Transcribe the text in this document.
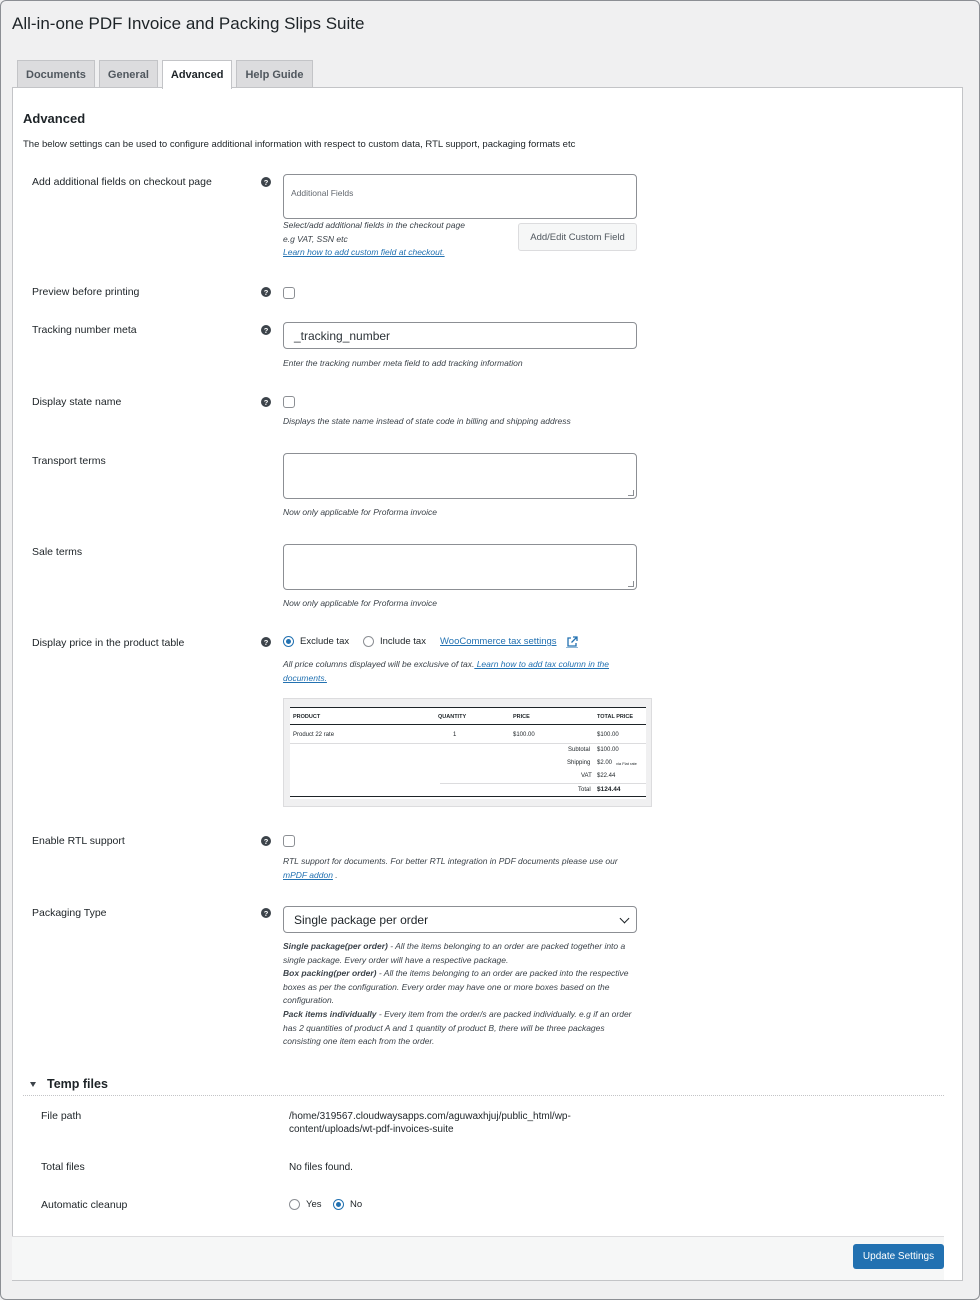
All-in-one PDF Invoice and Packing Slips Suite
Documents	General	Advanced	Help Guide
Advanced
The below settings can be used to configure additional information with respect to custom data, RTL support, packaging formats etc
Add additional fields on checkout page	?
Additional Fields
Select/add additional fields in the checkout page
e.g VAT, SSN etc
Learn how to add custom field at checkout.
Add/Edit Custom Field
Preview before printing	?
Tracking number meta	?	_tracking_number
Enter the tracking number meta field to add tracking information
Display state name	?
Displays the state name instead of state code in billing and shipping address
Transport terms
Now only applicable for Proforma invoice
Sale terms
Now only applicable for Proforma invoice
Display price in the product table	?	Exclude tax	Include tax WooCommerce tax settings
All price columns displayed will be exclusive of tax. Learn how to add tax column in the documents.
PRODUCT	QUANTITY	PRICE	TOTAL PRICE
Product 22 rate	1	$100.00	$100.00
Subtotal $100.00
Shipping $2.00 via Flat rate
VAT $22.44
Total $124.44
Enable RTL support	?
RTL support for documents. For better RTL integration in PDF documents please use our mPDF addon .
Packaging Type	? Single package per order
Single package(per order) - All the items belonging to an order are packed together into a single package. Every order will have a respective package.
Box packing(per order) - All the items belonging to an order are packed into the respective boxes as per the configuration. Every order may have one or more boxes based on the configuration.
Pack items individually - Every item from the order/s are packed individually. e.g if an order has 2 quantities of product A and 1 quantity of product B, there will be three packages consisting one item each from the order.
Temp files
File path	/home/319567.cloudwaysapps.com/aguwaxhjuj/public_html/wp-
content/uploads/wt-pdf-invoices-suite
Total files	No files found.
Automatic cleanup	Yes	No
Update Settings
